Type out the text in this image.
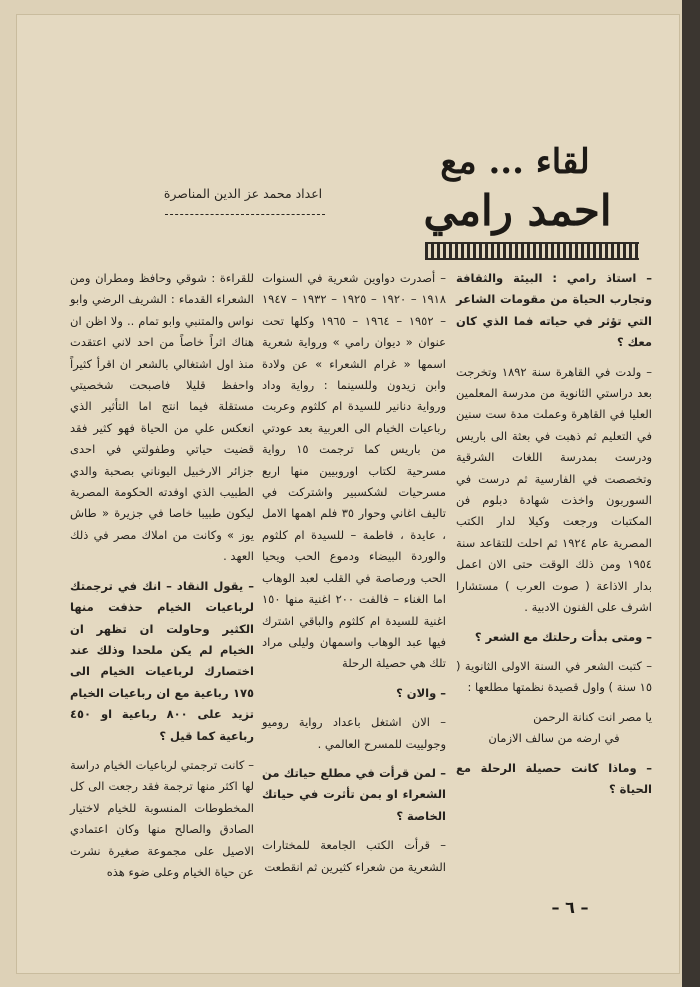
لقاء ... مع
احمد رامي
اعداد محمد عز الدين المناصرة

– استاذ رامي : البيئة والثقافة وتجارب الحياة من مقومات الشاعر التي تؤثر في حياته فما الذي كان معك ؟

– ولدت في القاهرة سنة ١٨٩٢ وتخرجت بعد دراستي الثانوية من مدرسة المعلمين العليا في القاهرة وعملت مدة ست سنين في التعليم ثم ذهبت في بعثة الى باريس ودرست بمدرسة اللغات الشرقية وتخصصت في الفارسية ثم درست في السوربون واخذت شهادة دبلوم فن المكتبات ورجعت وكيلا لدار الكتب المصرية عام ١٩٢٤ ثم احلت للتقاعد سنة ١٩٥٤ ومن ذلك الوقت حتى الان اعمل بدار الاذاعة ( صوت العرب ) مستشارا اشرف على الفنون الادبية .

– ومتى بدأت رحلتك مع الشعر ؟

– كتبت الشعر في السنة الاولى الثانوية ( ١٥ سنة ) واول قصيدة نظمتها مطلعها :

يا مصر انت كنانة الرحمن

في ارضه من سالف الازمان

– وماذا كانت حصيلة الرحلة مع الحياة ؟

– أصدرت دواوين شعرية في السنوات ١٩١٨ – ١٩٢٠ – ١٩٢٥ – ١٩٣٢ – ١٩٤٧ – ١٩٥٢ – ١٩٦٤ – ١٩٦٥ وكلها تحت عنوان « ديوان رامي » ورواية شعرية اسمها « غرام الشعراء » عن ولادة وابن زيدون وللسينما : رواية وداد ورواية دنانير للسيدة ام كلثوم وعربت رباعيات الخيام الى العربية بعد عودتي من باريس كما ترجمت ١٥ رواية مسرحية لكتاب اوروبيين منها اربع مسرحيات لشكسبير واشتركت في تاليف اغاني وحوار ٣٥ فلم اهمها الامل ، عايدة ، فاطمة – للسيدة ام كلثوم والوردة البيضاء ودموع الحب ويحيا الحب ورصاصة في القلب لعبد الوهاب اما الغناء – فالفت ٢٠٠ اغنية منها ١٥٠ اغنية للسيدة ام كلثوم والباقي اشترك فيها عبد الوهاب واسمهان وليلى مراد تلك هي حصيلة الرحلة

– والان ؟

– الان اشتغل باعداد رواية روميو وجولييت للمسرح العالمي .

– لمن قرأت في مطلع حياتك من الشعراء او بمن تأثرت في حياتك الخاصة ؟

– قرأت الكتب الجامعة للمختارات الشعرية من شعراء كثيرين ثم انقطعت

للقراءة : شوقي وحافظ ومطران ومن الشعراء القدماء : الشريف الرضي وابو نواس والمتنبي وابو تمام .. ولا اظن ان هناك اثراً خاصاً من احد لاني اعتقدت منذ اول اشتغالي بالشعر ان اقرأ كثيراً واحفظ قليلا فاصبحت شخصيتي مستقلة فيما انتج اما التأثير الذي انعكس علي من الحياة فهو كثير فقد قضيت حياتي وطفولتي في احدى جزائر الارخبيل اليوناني بصحبة والدي الطبيب الذي اوفدته الحكومة المصرية ليكون طبيبا خاصا في جزيرة « طاش يوز » وكانت من املاك مصر في ذلك العهد .

– يقول النقاد – انك في ترجمتك لرباعيات الخيام حذفت منها الكثير وحاولت ان تظهر ان الخيام لم يكن ملحدا وذلك عند اختصارك لرباعيات الخيام الى ١٧٥ رباعية مع ان رباعيات الخيام تزيد على ٨٠٠ رباعية او ٤٥٠ رباعية كما قيل ؟

– كانت ترجمتي لرباعيات الخيام دراسة لها اكثر منها ترجمة فقد رجعت الى كل المخطوطات المنسوبة للخيام لاختيار الصادق والصالح منها وكان اعتمادي الاصيل على مجموعة صغيرة نشرت عن حياة الخيام وعلى ضوء هذه

– ٦ –
